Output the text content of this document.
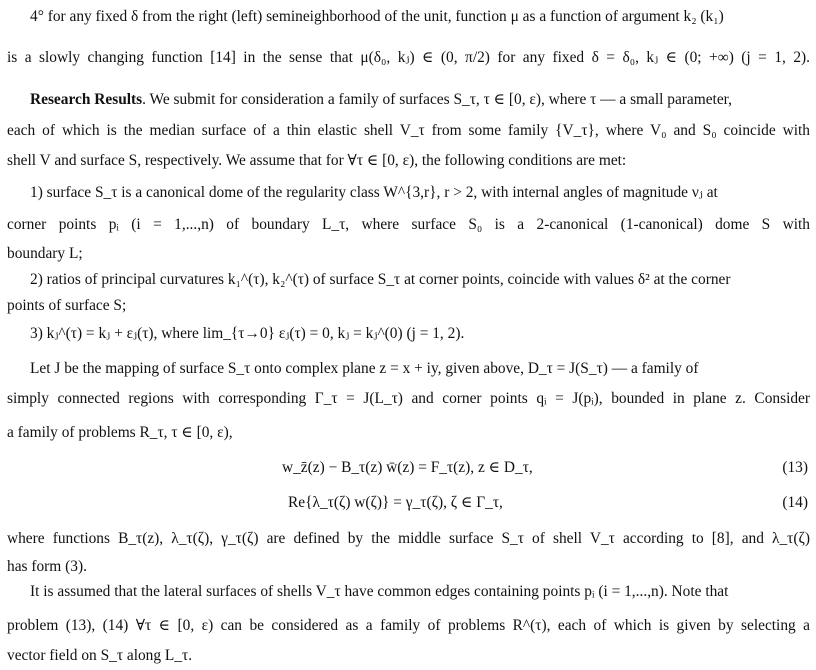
4° for any fixed δ from the right (left) semineighborhood of the unit, function μ as a function of argument k₂ (k₁)
is a slowly changing function [14] in the sense that μ(δ₀, kⱼ) ∈ (0, π/2) for any fixed δ = δ₀, kⱼ ∈ (0; +∞) (j = 1, 2).
Research Results. We submit for consideration a family of surfaces S_τ, τ ∈ [0, ε), where τ — a small parameter,
each of which is the median surface of a thin elastic shell V_τ from some family {V_τ}, where V₀ and S₀ coincide with
shell V and surface S, respectively. We assume that for ∀τ ∈ [0, ε), the following conditions are met:
1) surface S_τ is a canonical dome of the regularity class W^{3,r}, r > 2, with internal angles of magnitude νⱼ at
corner points pᵢ (i = 1,...,n) of boundary L_τ, where surface S₀ is a 2-canonical (1-canonical) dome S with
boundary L;
2) ratios of principal curvatures k₁^(τ), k₂^(τ) of surface S_τ at corner points, coincide with values δ² at the corner
points of surface S;
3) kⱼ^(τ) = kⱼ + εⱼ(τ), where lim_{τ→0} εⱼ(τ) = 0, kⱼ = kⱼ^(0) (j = 1, 2).
Let J be the mapping of surface S_τ onto complex plane z = x + iy, given above, D_τ = J(S_τ) — a family of
simply connected regions with corresponding Γ_τ = J(L_τ) and corner points qᵢ = J(pᵢ), bounded in plane z. Consider
a family of problems R_τ, τ ∈ [0, ε),
w_z̄(z) − B_τ(z) w̄(z) = F_τ(z), z ∈ D_τ,	(13)
Re{λ_τ(ζ) w(ζ)} = γ_τ(ζ), ζ ∈ Γ_τ,	(14)
where functions B_τ(z), λ_τ(ζ), γ_τ(ζ) are defined by the middle surface S_τ of shell V_τ according to [8], and λ_τ(ζ)
has form (3).
It is assumed that the lateral surfaces of shells V_τ have common edges containing points pᵢ (i = 1,...,n). Note that
problem (13), (14) ∀τ ∈ [0, ε) can be considered as a family of problems R^(τ), each of which is given by selecting a
vector field on S_τ along L_τ.
